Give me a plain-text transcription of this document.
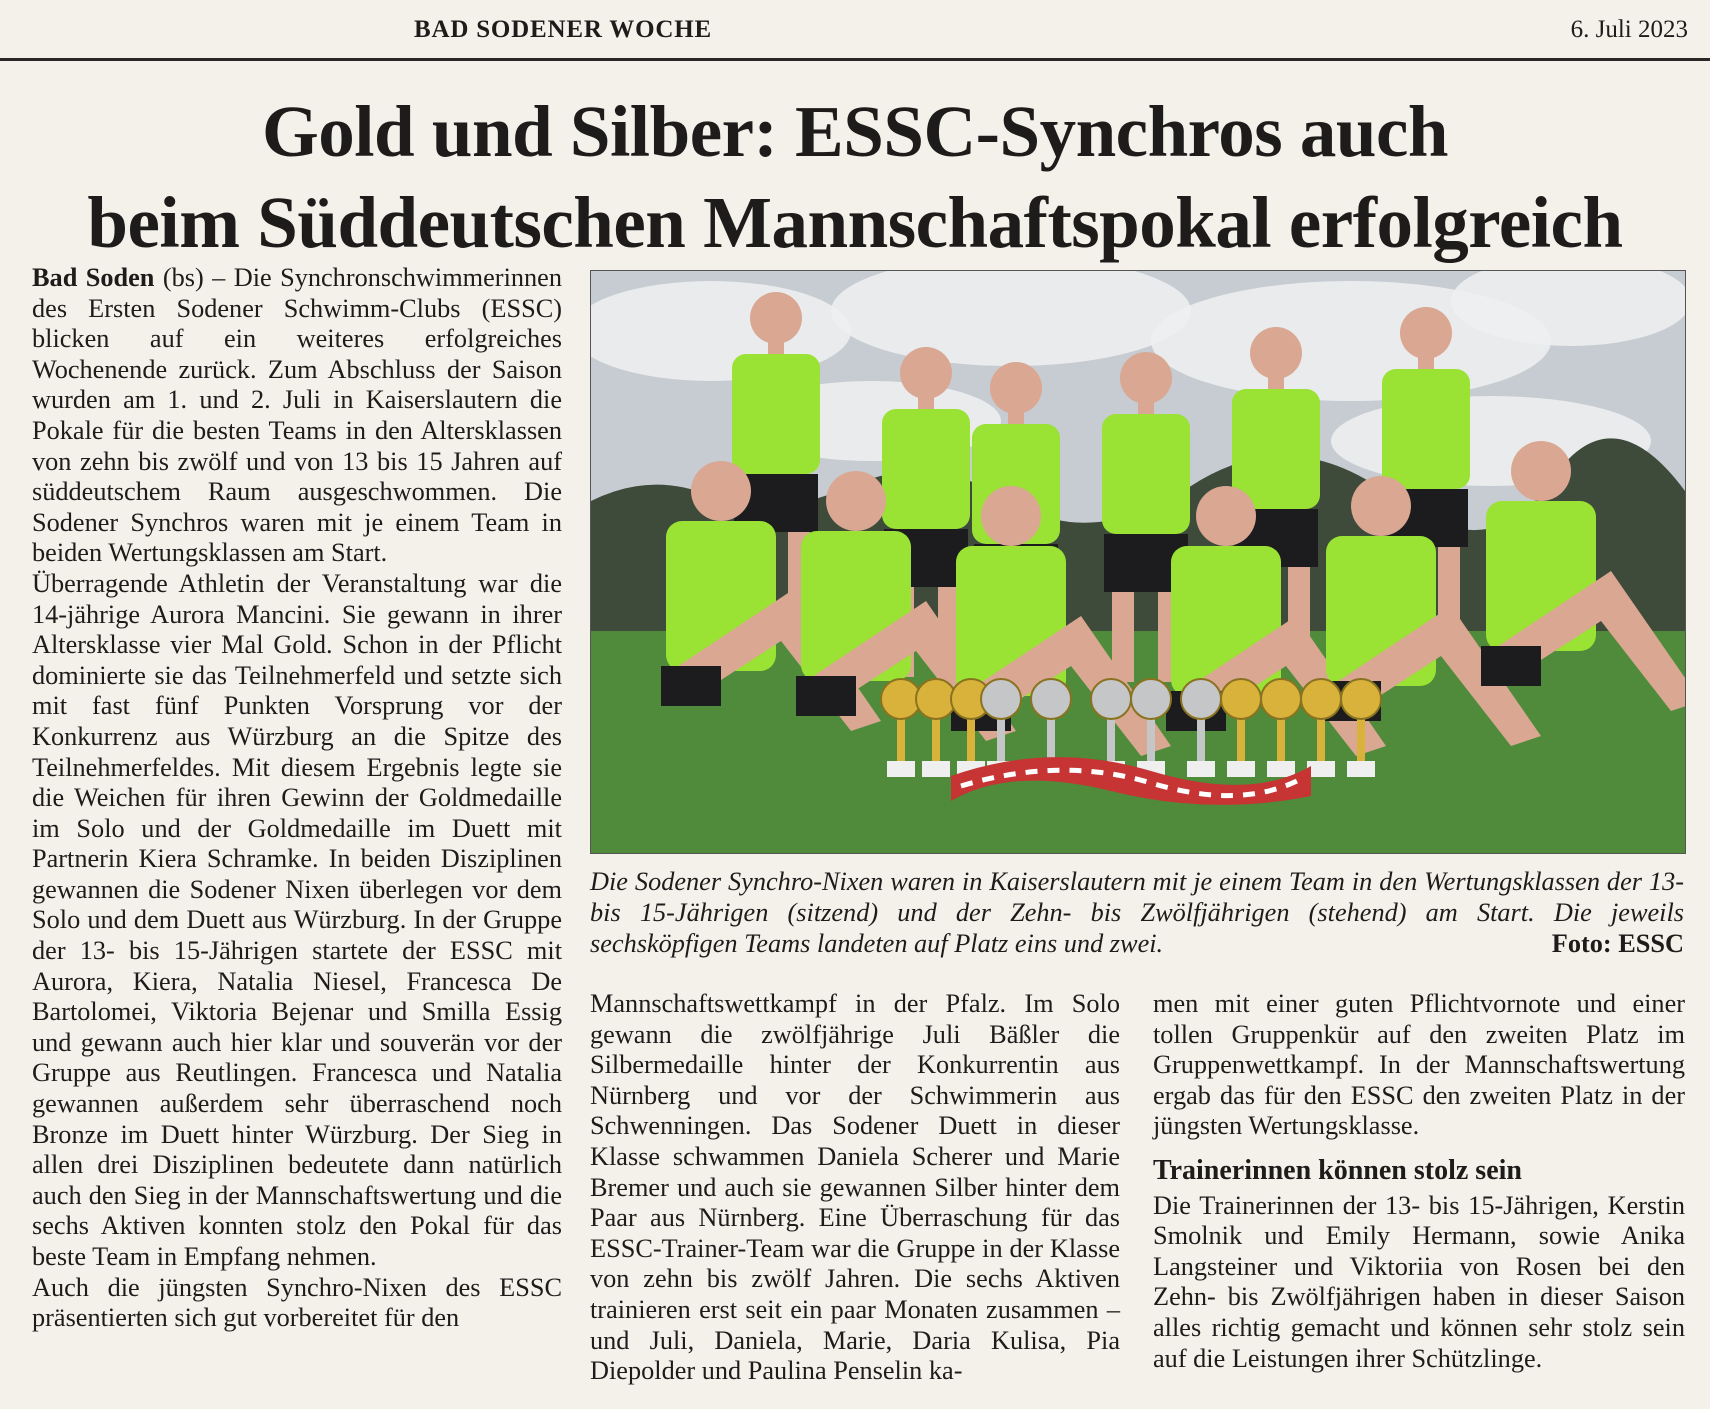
BAD SODENER WOCHE	6. Juli 2023
Gold und Silber: ESSC-Synchros auch
beim Süddeutschen Mannschaftspokal erfolgreich

Bad Soden (bs) – Die Synchronschwimmerinnen des Ersten Sodener Schwimm-Clubs (ESSC) blicken auf ein weiteres erfolgreiches Wochenende zurück. Zum Abschluss der Saison wurden am 1. und 2. Juli in Kaiserslautern die Pokale für die besten Teams in den Altersklassen von zehn bis zwölf und von 13 bis 15 Jahren auf süddeutschem Raum ausgeschwommen. Die Sodener Synchros waren mit je einem Team in beiden Wertungsklassen am Start.

Überragende Athletin der Veranstaltung war die 14-jährige Aurora Mancini. Sie gewann in ihrer Altersklasse vier Mal Gold. Schon in der Pflicht dominierte sie das Teilnehmerfeld und setzte sich mit fast fünf Punkten Vorsprung vor der Konkurrenz aus Würzburg an die Spitze des Teilnehmerfeldes. Mit diesem Ergebnis legte sie die Weichen für ihren Gewinn der Goldmedaille im Solo und der Goldmedaille im Duett mit Partnerin Kiera Schramke. In beiden Disziplinen gewannen die Sodener Nixen überlegen vor dem Solo und dem Duett aus Würzburg. In der Gruppe der 13- bis 15-Jährigen startete der ESSC mit Aurora, Kiera, Natalia Niesel, Francesca De Bartolomei, Viktoria Bejenar und Smilla Essig und gewann auch hier klar und souverän vor der Gruppe aus Reutlingen. Francesca und Natalia gewannen außerdem sehr überraschend noch Bronze im Duett hinter Würzburg. Der Sieg in allen drei Disziplinen bedeutete dann natürlich auch den Sieg in der Mannschaftswertung und die sechs Aktiven konnten stolz den Pokal für das beste Team in Empfang nehmen.

Auch die jüngsten Synchro-Nixen des ESSC präsentierten sich gut vorbereitet für den

Die Sodener Synchro-Nixen waren in Kaiserslautern mit je einem Team in den Wertungsklassen der 13- bis 15-Jährigen (sitzend) und der Zehn- bis Zwölfjährigen (stehend) am Start. Die jeweils sechsköpfigen Teams landeten auf Platz eins und zwei.	Foto: ESSC

Mannschaftswettkampf in der Pfalz. Im Solo gewann die zwölfjährige Juli Bäßler die Silbermedaille hinter der Konkurrentin aus Nürnberg und vor der Schwimmerin aus Schwenningen. Das Sodener Duett in dieser Klasse schwammen Daniela Scherer und Marie Bremer und auch sie gewannen Silber hinter dem Paar aus Nürnberg. Eine Überraschung für das ESSC-Trainer-Team war die Gruppe in der Klasse von zehn bis zwölf Jahren. Die sechs Aktiven trainieren erst seit ein paar Monaten zusammen – und Juli, Daniela, Marie, Daria Kulisa, Pia Diepolder und Paulina Penselin ka-

men mit einer guten Pflichtvornote und einer tollen Gruppenkür auf den zweiten Platz im Gruppenwettkampf. In der Mannschaftswertung ergab das für den ESSC den zweiten Platz in der jüngsten Wertungsklasse.

Trainerinnen können stolz sein

Die Trainerinnen der 13- bis 15-Jährigen, Kerstin Smolnik und Emily Hermann, sowie Anika Langsteiner und Viktoriia von Rosen bei den Zehn- bis Zwölfjährigen haben in dieser Saison alles richtig gemacht und können sehr stolz sein auf die Leistungen ihrer Schützlinge.
